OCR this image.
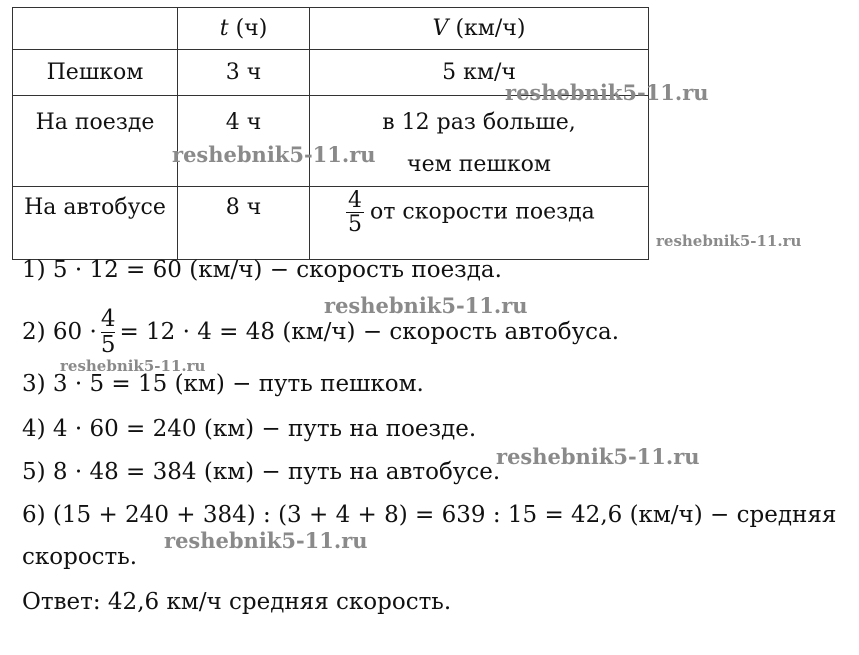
	t (ч)	V (км/ч)
Пешком	3 ч	5 км/ч

На поезде	4 ч	в 12 раз больше,
чем пешком

На автобусе	8 ч	$\frac{4}{5}$ от скорости поезда
1) 5 · 12 = 60 (км/ч) − скорость поезда.
2) $60 \cdot \frac{4}{5} = 12 \cdot 4 = 48$ (км/ч) − скорость автобуса.
3) 3 · 5 = 15 (км) − путь пешком.
4) 4 · 60 = 240 (км) − путь на поезде.
5) 8 · 48 = 384 (км) − путь на автобусе.
6) (15 + 240 + 384) : (3 + 4 + 8) = 639 : 15 = 42,6 (км/ч) − средняя
скорость.
Ответ: 42,6 км/ч средняя скорость.
reshebnik5-11.ru
reshebnik5-11.ru
reshebnik5-11.ru
reshebnik5-11.ru
reshebnik5-11.ru
reshebnik5-11.ru
reshebnik5-11.ru
